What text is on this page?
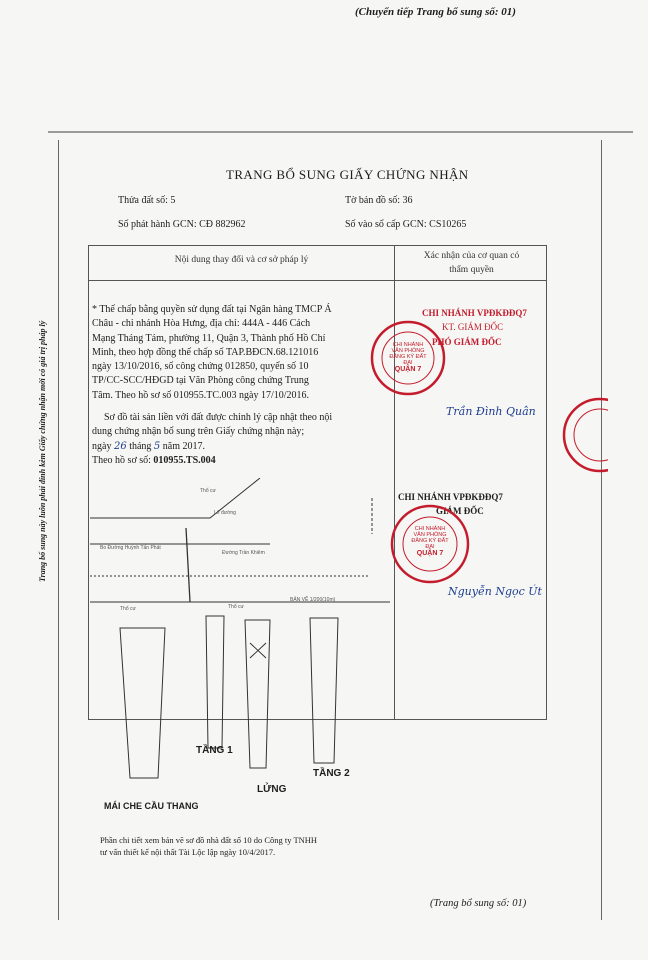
(Chuyển tiếp Trang bổ sung số: 01)
TRANG BỔ SUNG GIẤY CHỨNG NHẬN
Thửa đất số: 5	Tờ bản đồ số: 36
Số phát hành GCN: CĐ 882962	Số vào sổ cấp GCN: CS10265
Nội dung thay đổi và cơ sở pháp lý	Xác nhận của cơ quan có
thẩm quyền
* Thế chấp bằng quyền sử dụng đất tại Ngân hàng TMCP Á
Châu - chi nhánh Hòa Hưng, địa chỉ: 444A - 446 Cách
Mạng Tháng Tám, phường 11, Quận 3, Thành phố Hồ Chí
Minh, theo hợp đồng thế chấp số TAP.BĐCN.68.121016
ngày 13/10/2016, số công chứng 012850, quyển số 10
TP/CC-SCC/HĐGD tại Văn Phòng công chứng Trung
Tâm. Theo hồ sơ số 010955.TC.003 ngày 17/10/2016.
Sơ đồ tài sản liền với đất được chỉnh lý cập nhật theo nội
dung chứng nhận bổ sung trên Giấy chứng nhận này;
ngày 26 tháng 5 năm 2017.
Theo hồ sơ số: 010955.TS.004
CHI NHÁNH VPĐKĐĐQ7
KT. GIÁM ĐỐC
PHÓ GIÁM ĐỐC
Trần Đình Quân
CHI NHÁNH
VĂN PHÒNG
ĐĂNG KÝ ĐẤT ĐAI
QUẬN 7
CHI NHÁNH VPĐKĐĐQ7
GIÁM ĐỐC
CHI NHÁNH
VĂN PHÒNG
ĐĂNG KÝ ĐẤT ĐAI
QUẬN 7
Nguyễn Ngọc Út
Thổ cư
Lê đường
Bo Đường Huỳnh Tấn Phát
Đường Trần Khiêm
Thổ cư	Thổ cư
BẢN VẼ 1/200(10m)
TẦNG 1
LỬNG
TẦNG 2
MÁI CHE CẦU THANG
Phần chi tiết xem bản vẽ sơ đồ nhà đất số 10 do Công ty TNHH
tư vấn thiết kế nội thất Tài Lộc lập ngày 10/4/2017.
Trang bổ sung này luôn phải đính kèm Giấy chứng nhận mới có giá trị pháp lý
(Trang bổ sung số: 01)
